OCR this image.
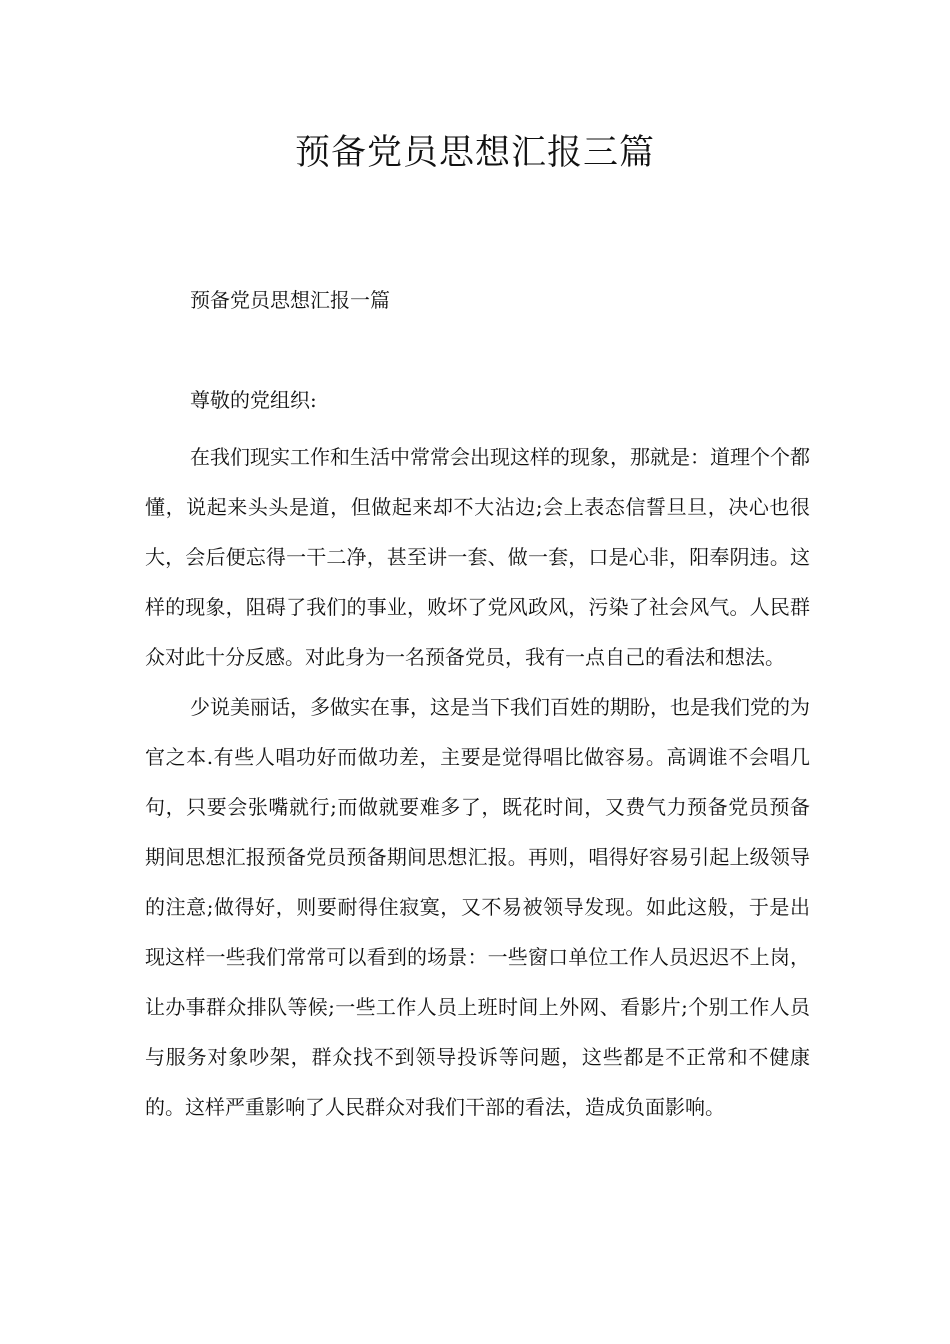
预备党员思想汇报三篇
预备党员思想汇报一篇

尊敬的党组织:

在我们现实工作和生活中常常会出现这样的现象，那就是：道理个个都懂，说起来头头是道，但做起来却不大沾边;会上表态信誓旦旦，决心也很大，会后便忘得一干二净，甚至讲一套、做一套，口是心非，阳奉阴违。这样的现象，阻碍了我们的事业，败坏了党风政风，污染了社会风气。人民群众对此十分反感。对此身为一名预备党员，我有一点自己的看法和想法。

少说美丽话，多做实在事，这是当下我们百姓的期盼，也是我们党的为官之本.有些人唱功好而做功差，主要是觉得唱比做容易。高调谁不会唱几句，只要会张嘴就行;而做就要难多了，既花时间，又费气力预备党员预备期间思想汇报预备党员预备期间思想汇报。再则，唱得好容易引起上级领导的注意;做得好，则要耐得住寂寞，又不易被领导发现。如此这般，于是出现这样一些我们常常可以看到的场景：一些窗口单位工作人员迟迟不上岗，让办事群众排队等候;一些工作人员上班时间上外网、看影片;个别工作人员与服务对象吵架，群众找不到领导投诉等问题，这些都是不正常和不健康的。这样严重影响了人民群众对我们干部的看法，造成负面影响。
